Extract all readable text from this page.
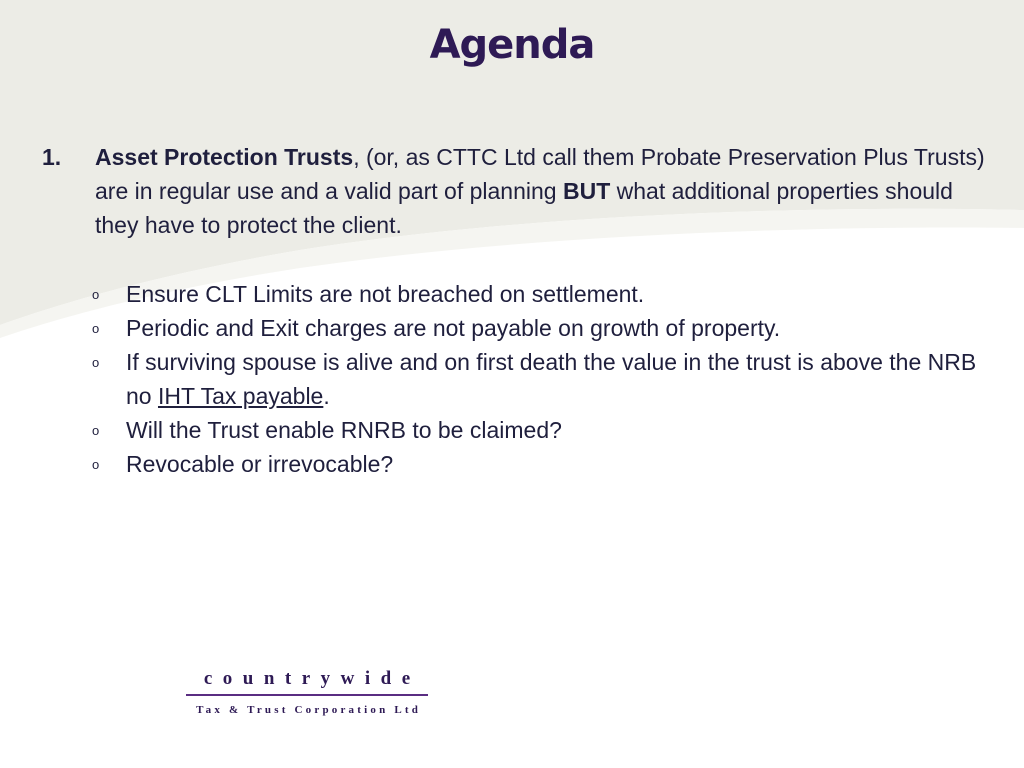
Agenda
1. Asset Protection Trusts, (or, as CTTC Ltd call them Probate Preservation Plus Trusts) are in regular use and a valid part of planning BUT what additional properties should they have to protect the client.
o Ensure CLT Limits are not breached on settlement.
o Periodic and Exit charges are not payable on growth of property.
o If surviving spouse is alive and on first death the value in the trust is above the NRB no IHT Tax payable.
o Will the Trust enable RNRB to be claimed?
o Revocable or irrevocable?
countrywide
Tax & Trust Corporation Ltd
